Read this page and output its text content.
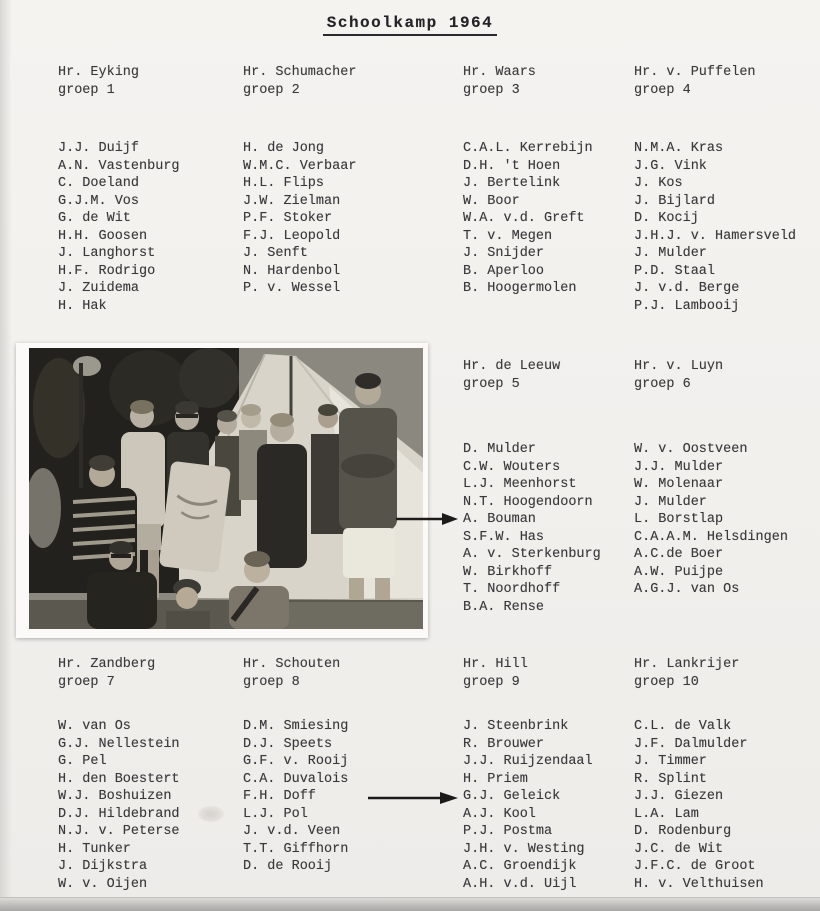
Schoolkamp 1964
Hr. Eyking
groep 1
J.J. Duijf
A.N. Vastenburg
C. Doeland
G.J.M. Vos
G. de Wit
H.H. Goosen
J. Langhorst
H.F. Rodrigo
J. Zuidema
H. Hak
Hr. Schumacher
groep 2
H. de Jong
W.M.C. Verbaar
H.L. Flips
J.W. Zielman
P.F. Stoker
F.J. Leopold
J. Senft
N. Hardenbol
P. v. Wessel
Hr. Waars
groep 3
C.A.L. Kerrebijn
D.H. 't Hoen
J. Bertelink
W. Boor
W.A. v.d. Greft
T. v. Megen
J. Snijder
B. Aperloo
B. Hoogermolen
Hr. v. Puffelen
groep 4
N.M.A. Kras
J.G. Vink
J. Kos
J. Bijlard
D. Kocij
J.H.J. v. Hamersveld
J. Mulder
P.D. Staal
J. v.d. Berge
P.J. Lambooij
Hr. de Leeuw
groep 5
D. Mulder
C.W. Wouters
L.J. Meenhorst
N.T. Hoogendoorn
A. Bouman
S.F.W. Has
A. v. Sterkenburg
W. Birkhoff
T. Noordhoff
B.A. Rense
Hr. v. Luyn
groep 6
W. v. Oostveen
J.J. Mulder
W. Molenaar
J. Mulder
L. Borstlap
C.A.A.M. Helsdingen
A.C.de Boer
A.W. Puijpe
A.G.J. van Os
Hr. Zandberg
groep 7
W. van Os
G.J. Nellestein
G. Pel
H. den Boestert
W.J. Boshuizen
D.J. Hildebrand
N.J. v. Peterse
H. Tunker
J. Dijkstra
W. v. Oijen
Hr. Schouten
groep 8
D.M. Smiesing
D.J. Speets
G.F. v. Rooij
C.A. Duvalois
F.H. Doff
L.J. Pol
J. v.d. Veen
T.T. Giffhorn
D. de Rooij
Hr. Hill
groep 9
J. Steenbrink
R. Brouwer
J.J. Ruijzendaal
H. Priem
G.J. Geleick
A.J. Kool
P.J. Postma
J.H. v. Westing
A.C. Groendijk
A.H. v.d. Uijl
Hr. Lankrijer
groep 10
C.L. de Valk
J.F. Dalmulder
J. Timmer
R. Splint
J.J. Giezen
L.A. Lam
D. Rodenburg
J.C. de Wit
J.F.C. de Groot
H. v. Velthuisen
